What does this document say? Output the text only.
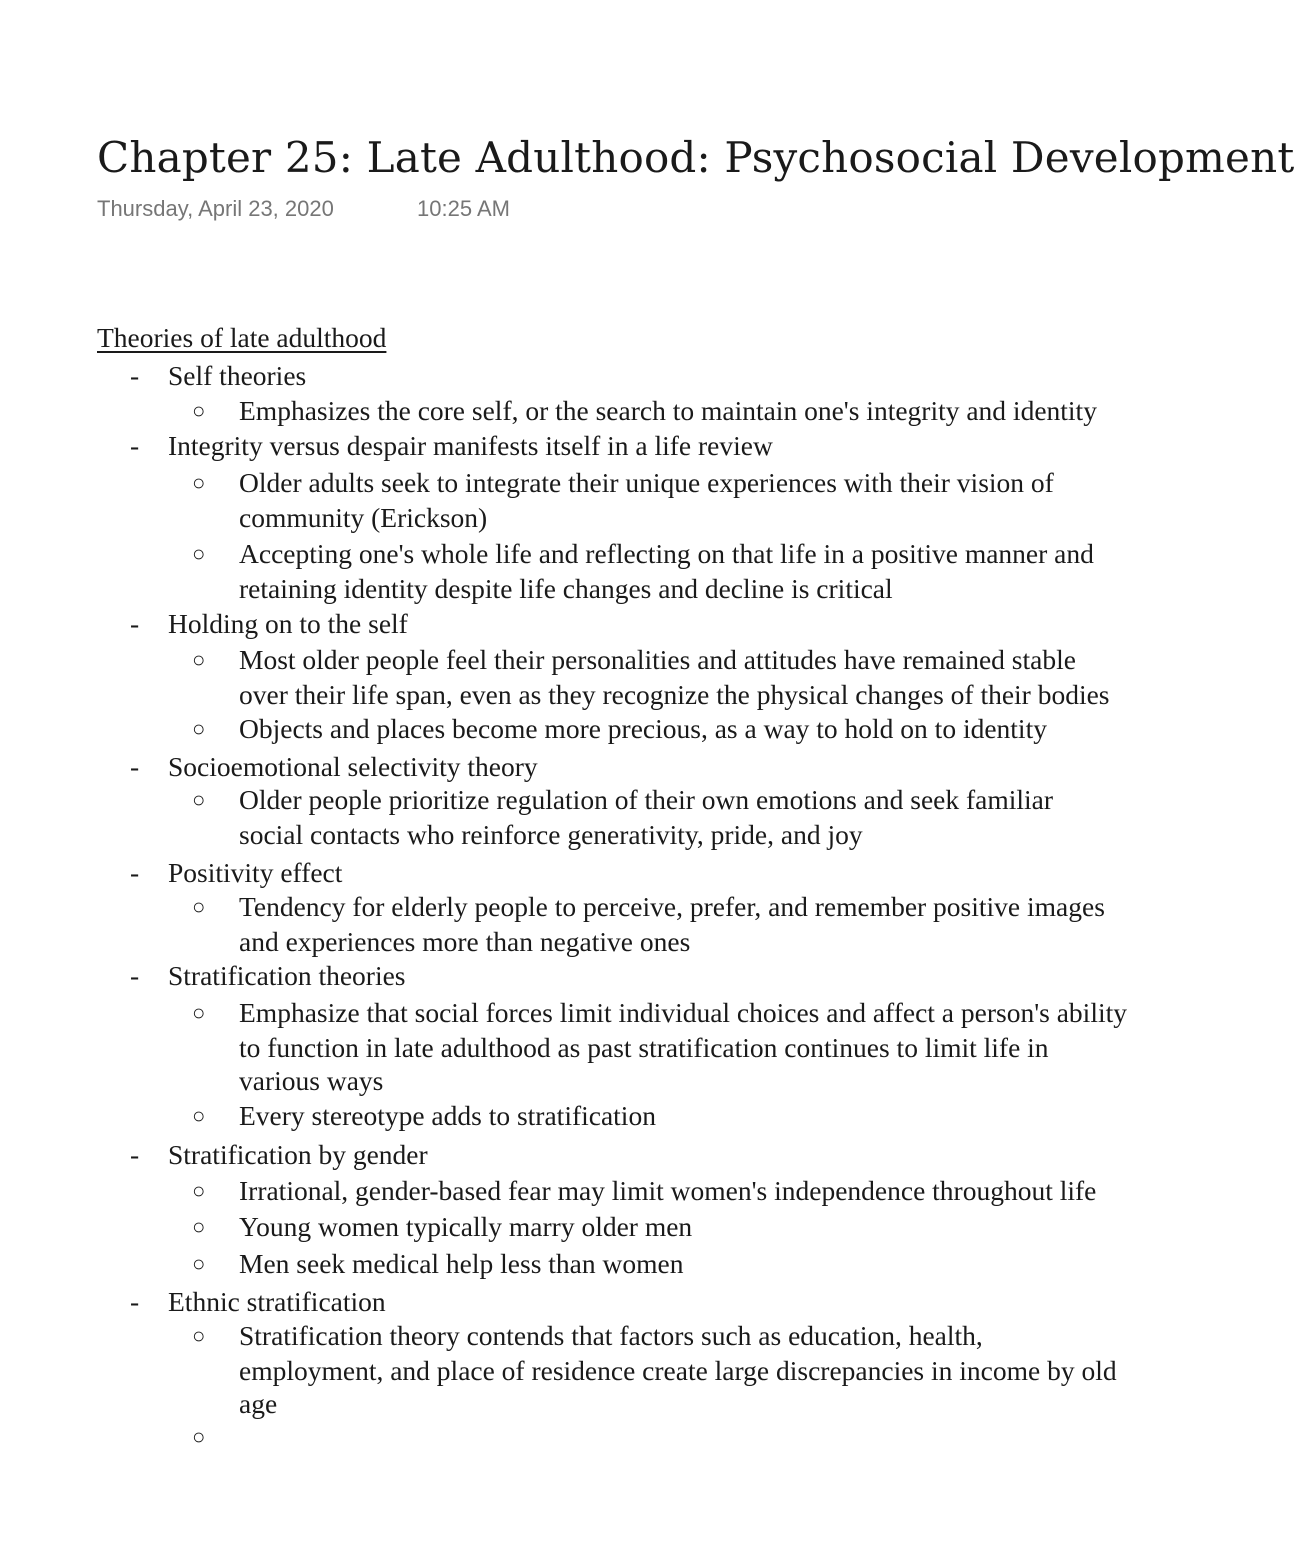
Chapter 25: Late Adulthood: Psychosocial Development
Thursday, April 23, 2020	10:25 AM
Theories of late adulthood
-	Self theories
○ Emphasizes the core self, or the search to maintain one's integrity and identity
-	Integrity versus despair manifests itself in a life review
○ Older adults seek to integrate their unique experiences with their vision of
community (Erickson)
○ Accepting one's whole life and reflecting on that life in a positive manner and
retaining identity despite life changes and decline is critical
-	Holding on to the self
○ Most older people feel their personalities and attitudes have remained stable
over their life span, even as they recognize the physical changes of their bodies
○ Objects and places become more precious, as a way to hold on to identity
-	Socioemotional selectivity theory
○ Older people prioritize regulation of their own emotions and seek familiar
social contacts who reinforce generativity, pride, and joy
-	Positivity effect
○ Tendency for elderly people to perceive, prefer, and remember positive images
and experiences more than negative ones
-	Stratification theories
○ Emphasize that social forces limit individual choices and affect a person's ability
to function in late adulthood as past stratification continues to limit life in
various ways
○ Every stereotype adds to stratification
-	Stratification by gender
○ Irrational, gender-based fear may limit women's independence throughout life
○ Young women typically marry older men
○ Men seek medical help less than women
-	Ethnic stratification
○ Stratification theory contends that factors such as education, health,
employment, and place of residence create large discrepancies in income by old
age
○
